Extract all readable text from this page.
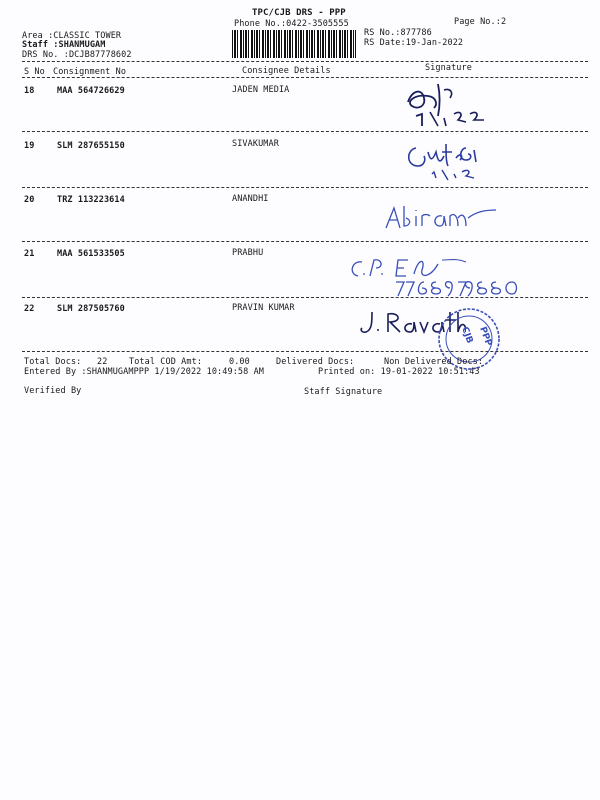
TPC/CJB DRS - PPP
Phone No.:0422-3505555	Page No.:2
Area :CLASSIC TOWER
Staff :SHANMUGAM
DRS No. :DCJB87778602
RS No.:877786
RS Date:19-Jan-2022
S No Consignment No	Consignee Details	Signature
18	MAA 564726629	JADEN MEDIA
19	SLM 287655150	SIVAKUMAR
20	TRZ 113223614	ANANDHI
21	MAA 561533505	PRABHU
22	SLM 287505760	PRAVIN KUMAR
PPP
CJB
Total Docs: 22	Total COD Amt:	0.00	Delivered Docs:	Non Delivered Docs:
Entered By :SHANMUGAMPPP 1/19/2022 10:49:58 AM	Printed on: 19-01-2022 10:51:43
Verified By	Staff Signature
